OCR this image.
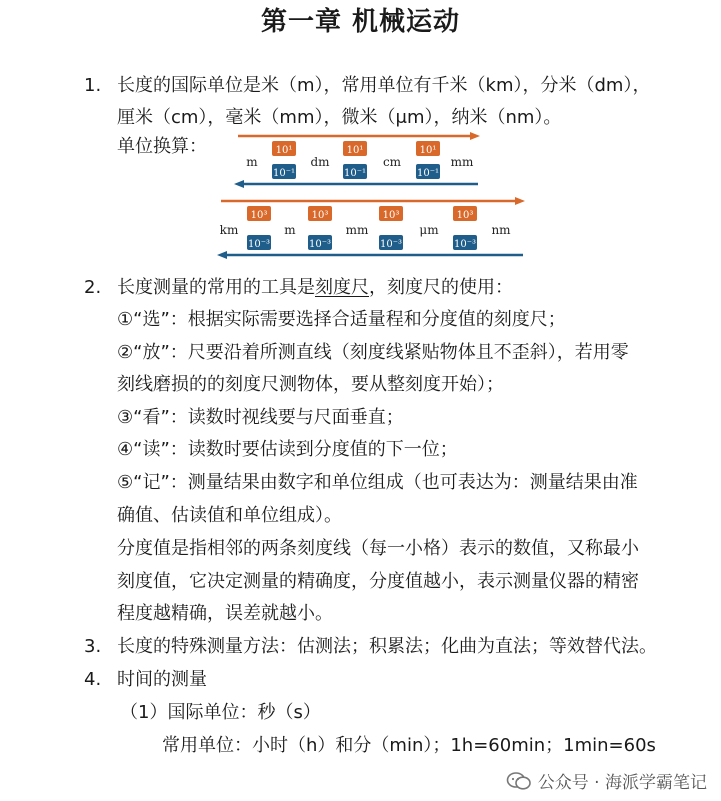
第一章 机械运动
1. 长度的国际单位是米（m），常用单位有千米（km），分米（dm），
厘米（cm），毫米（mm），微米（μm），纳米（nm）。
单位换算：
m	dm	cm	mm
10¹
10⁻¹
10¹
10⁻¹
10¹
10⁻¹
km	m	mm	μm	nm
10³
10⁻³
10³
10⁻³
10³
10⁻³
10³
10⁻³
2. 长度测量的常用的工具是刻度尺，刻度尺的使用：
①“选”：根据实际需要选择合适量程和分度值的刻度尺；
②“放”：尺要沿着所测直线（刻度线紧贴物体且不歪斜），若用零
刻线磨损的的刻度尺测物体，要从整刻度开始）；
③“看”：读数时视线要与尺面垂直；
④“读”：读数时要估读到分度值的下一位；
⑤“记”：测量结果由数字和单位组成（也可表达为：测量结果由准
确值、估读值和单位组成）。
分度值是指相邻的两条刻度线（每一小格）表示的数值，又称最小
刻度值，它决定测量的精确度，分度值越小，表示测量仪器的精密
程度越精确，误差就越小。
3. 长度的特殊测量方法：估测法；积累法；化曲为直法；等效替代法。
4. 时间的测量
（1）国际单位：秒（s）
常用单位：小时（h）和分（min）；1h=60min；1min=60s
公众号 · 海派学霸笔记
